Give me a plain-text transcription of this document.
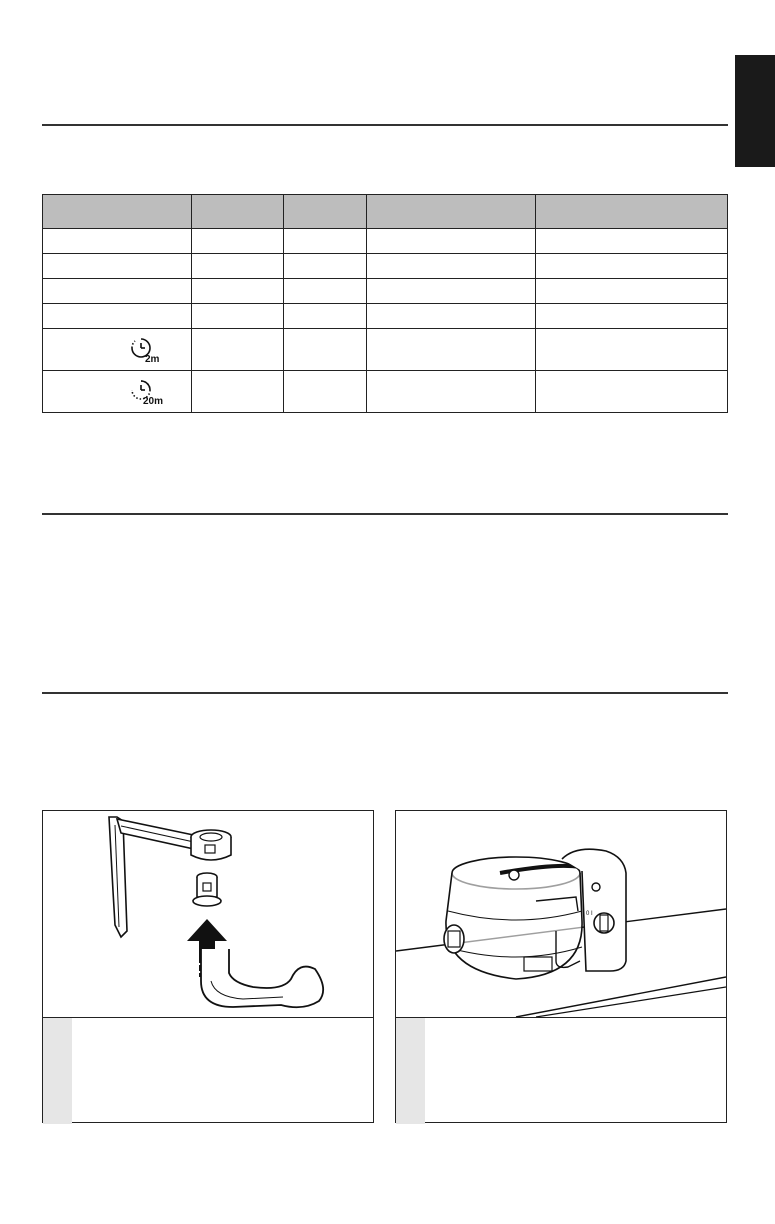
2m				

20m				

0 I
